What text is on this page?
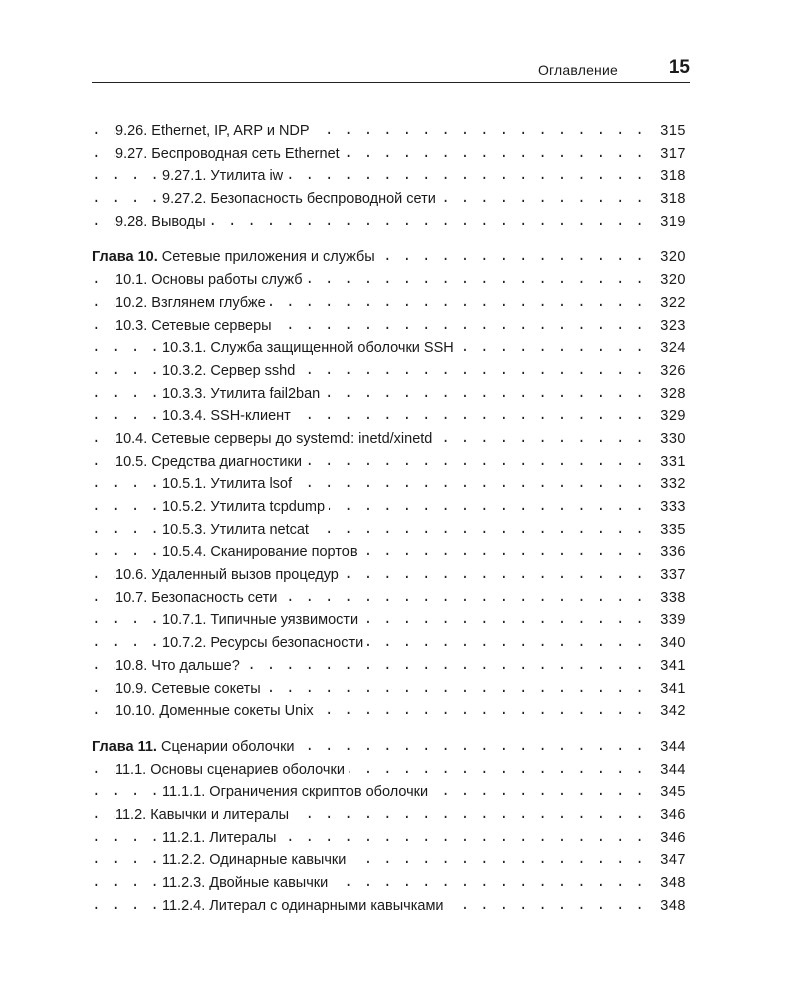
Оглавление	15
. . .
9.26. Ethernet, IP, ARP и NDP	315
. . .
9.27. Беспроводная сеть Ethernet	317
. . .
9.27.1. Утилита iw	318
. . .
9.27.2. Безопасность беспроводной сети	318
. . .
9.28. Выводы	319
. . .
Глава 10. Сетевые приложения и службы	320
. . .
10.1. Основы работы служб	320
. . .
10.2. Взглянем глубже	322
. . .
10.3. Сетевые серверы	323
. . .
10.3.1. Служба защищенной оболочки SSH	324
. . .
10.3.2. Сервер sshd	326
. . .
10.3.3. Утилита fail2ban	328
. . .
10.3.4. SSH-клиент	329
. . .
10.4. Сетевые серверы до systemd: inetd/xinetd	330
. . .
10.5. Средства диагностики	331
. . .
10.5.1. Утилита lsof	332
. . .
10.5.2. Утилита tcpdump	333
. . .
10.5.3. Утилита netcat	335
. . .
10.5.4. Сканирование портов	336
. . .
10.6. Удаленный вызов процедур	337
. . .
10.7. Безопасность сети	338
. . .
10.7.1. Типичные уязвимости	339
. . .
10.7.2. Ресурсы безопасности	340
. . .
10.8. Что дальше?	341
. . .
10.9. Сетевые сокеты	341
. . .
10.10. Доменные сокеты Unix	342
. . .
Глава 11. Сценарии оболочки	344
. . .
11.1. Основы сценариев оболочки	344
. . .
11.1.1. Ограничения скриптов оболочки	345
. . .
11.2. Кавычки и литералы	346
. . .
11.2.1. Литералы	346
. . .
11.2.2. Одинарные кавычки	347
. . .
11.2.3. Двойные кавычки	348
. . .
11.2.4. Литерал с одинарными кавычками	348
